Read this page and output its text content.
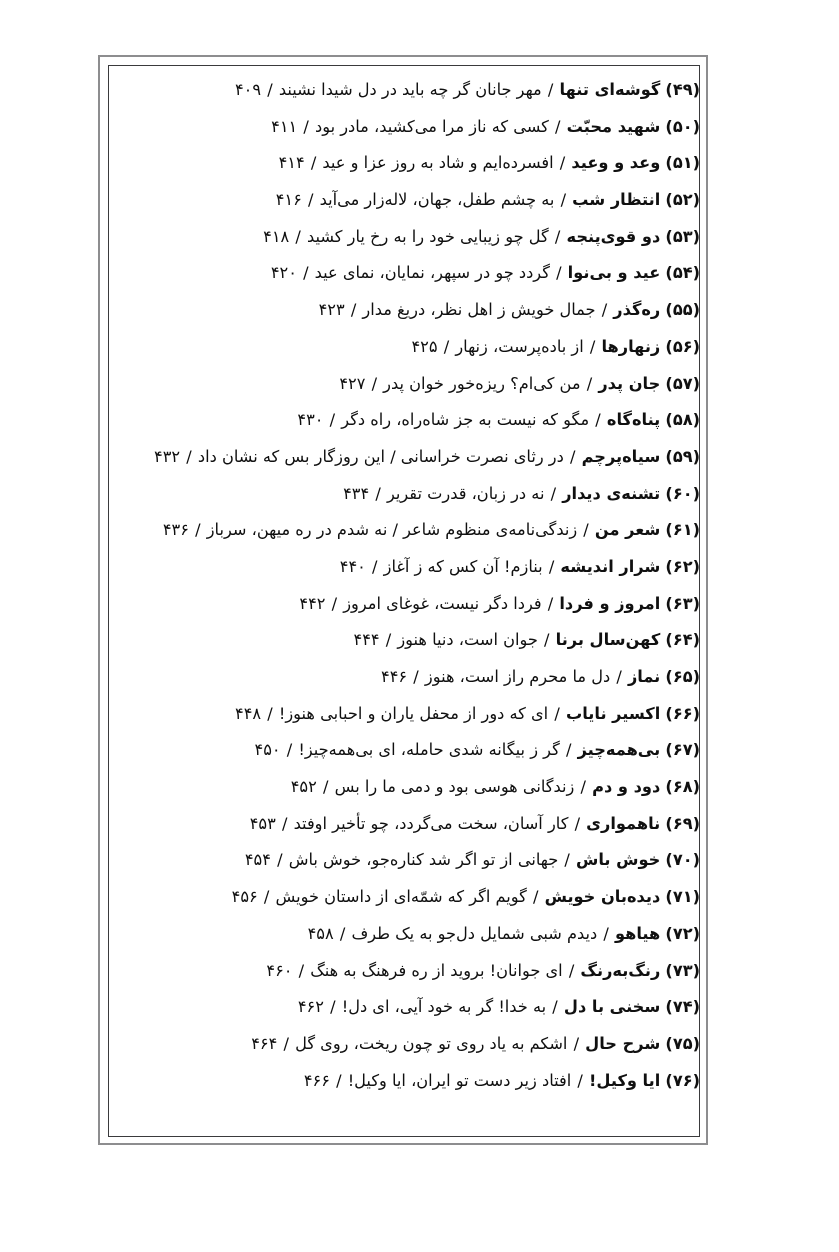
(۴۹) گوشه‌ای تنها / مهر جانان گر چه باید در دل شیدا نشیند / ۴۰۹
(۵۰) شهید محبّت / کسی که ناز مرا می‌کشید، مادر بود / ۴۱۱
(۵۱) وعد و وعید / افسرده‌ایم و شاد به روز عزا و عید / ۴۱۴
(۵۲) انتظار شب / به چشم طفل، جهان، لاله‌زار می‌آید / ۴۱۶
(۵۳) دو قوی‌پنجه / گل چو زیبایی خود را به رخ یار کشید / ۴۱۸
(۵۴) عید و بی‌نوا / گردد چو در سپهر، نمایان، نمای عید / ۴۲۰
(۵۵) ره‌گذر / جمال خویش ز اهل نظر، دریغ مدار / ۴۲۳
(۵۶) زنهارها / از باده‌پرست، زنهار / ۴۲۵
(۵۷) جان پدر / من کی‌ام؟ ریزه‌خور خوان پدر / ۴۲۷
(۵۸) پناه‌گاه / مگو که نیست به جز شاه‌راه، راه دگر / ۴۳۰
(۵۹) سیاه‌پرچم / در رثای نصرت خراسانی / این روزگار بس که نشان داد / ۴۳۲
(۶۰) تشنه‌ی دیدار / نه در زبان، قدرت تقریر / ۴۳۴
(۶۱) شعر من / زندگی‌نامه‌ی منظوم شاعر / نه شدم در ره میهن، سرباز / ۴۳۶
(۶۲) شرار اندیشه / بنازم! آن کس که ز آغاز / ۴۴۰
(۶۳) امروز و فردا / فردا دگر نیست، غوغای امروز / ۴۴۲
(۶۴) کهن‌سال برنا / جوان است، دنیا هنوز / ۴۴۴
(۶۵) نماز / دل ما محرم راز است، هنوز / ۴۴۶
(۶۶) اکسیر نایاب / ای که دور از محفل یاران و احبابی هنوز! / ۴۴۸
(۶۷) بی‌همه‌چیز / گر ز بیگانه شدی حامله، ای بی‌همه‌چیز! / ۴۵۰
(۶۸) دود و دم / زندگانی هوسی بود و دمی ما را بس / ۴۵۲
(۶۹) ناهمواری / کار آسان، سخت می‌گردد، چو تأخیر اوفتد / ۴۵۳
(۷۰) خوش باش / جهانی از تو اگر شد کناره‌جو، خوش باش / ۴۵۴
(۷۱) دیده‌بان خویش / گویم اگر که شمّه‌ای از داستان خویش / ۴۵۶
(۷۲) هیاهو / دیدم شبی شمایل دل‌جو به یک طرف / ۴۵۸
(۷۳) رنگ‌به‌رنگ / ای جوانان! بروید از ره فرهنگ به هنگ / ۴۶۰
(۷۴) سخنی با دل / به خدا! گر به خود آیی، ای دل! / ۴۶۲
(۷۵) شرح حال / اشکم به یاد روی تو چون ریخت، روی گل / ۴۶۴
(۷۶) ایا وکیل! / افتاد زیر دست تو ایران، ایا وکیل! / ۴۶۶
